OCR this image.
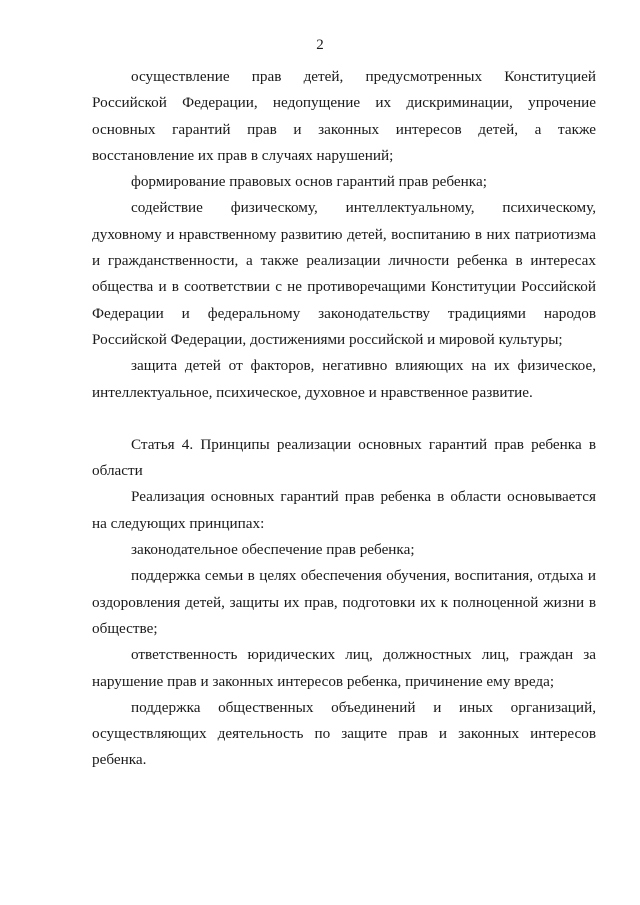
2

осуществление прав детей, предусмотренных Конституцией Российской Федерации, недопущение их дискриминации, упрочение основных гарантий прав и законных интересов детей, а также восстановление их прав в случаях нарушений;

формирование правовых основ гарантий прав ребенка;

содействие физическому, интеллектуальному, психическому, духовному и нравственному развитию детей, воспитанию в них патриотизма и гражданственности, а также реализации личности ребенка в интересах общества и в соответствии с не противоречащими Конституции Российской Федерации и федеральному законодательству традициями народов Российской Федерации, достижениями российской и мировой культуры;

защита детей от факторов, негативно влияющих на их физическое, интеллектуальное, психическое, духовное и нравственное развитие.

Статья 4. Принципы реализации основных гарантий прав ребенка в области

Реализация основных гарантий прав ребенка в области основывается на следующих принципах:

законодательное обеспечение прав ребенка;

поддержка семьи в целях обеспечения обучения, воспитания, отдыха и оздоровления детей, защиты их прав, подготовки их к полноценной жизни в обществе;

ответственность юридических лиц, должностных лиц, граждан за нарушение прав и законных интересов ребенка, причинение ему вреда;

поддержка общественных объединений и иных организаций, осуществляющих деятельность по защите прав и законных интересов ребенка.
